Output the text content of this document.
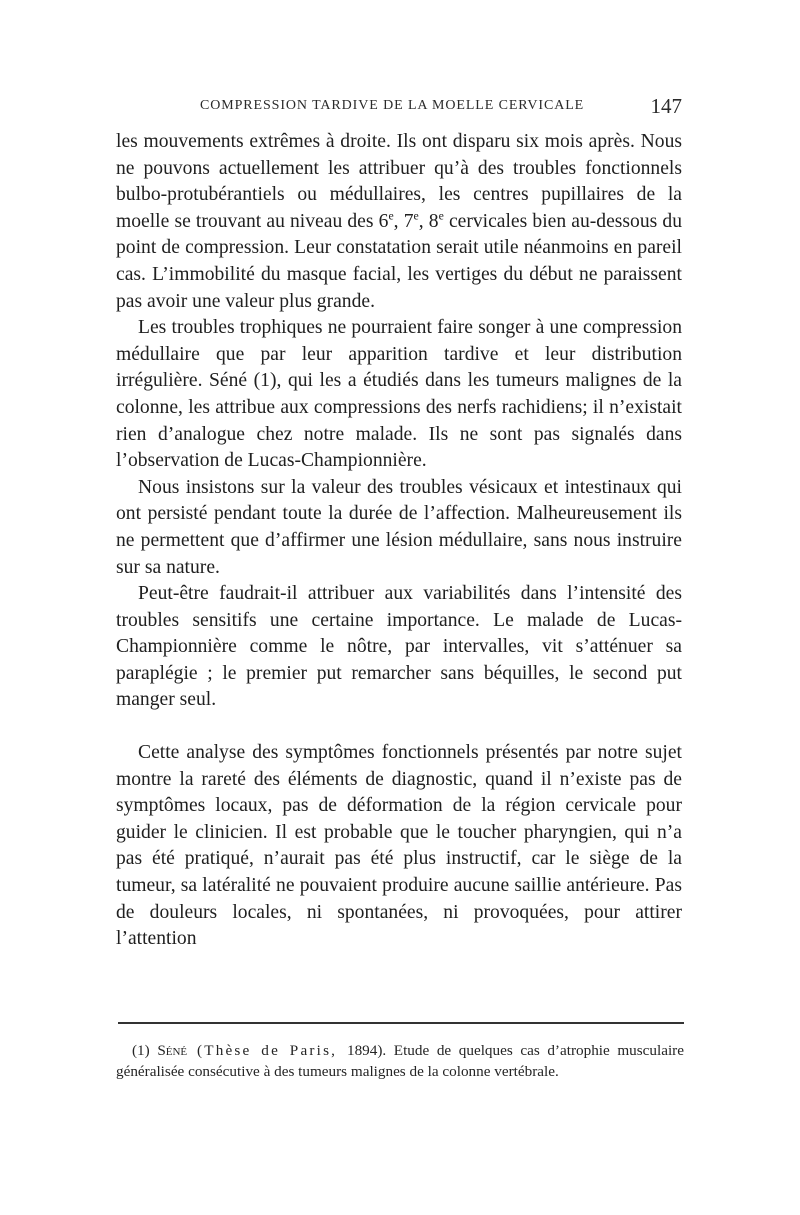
COMPRESSION TARDIVE DE LA MOELLE CERVICALE	147

les mouvements extrêmes à droite. Ils ont disparu six mois après. Nous ne pouvons actuellement les attribuer qu’à des troubles fonctionnels bulbo-protubérantiels ou médullaires, les centres pupillaires de la moelle se trouvant au niveau des 6e, 7e, 8e cervicales bien au-dessous du point de compression. Leur constatation serait utile néanmoins en pareil cas. L’immobilité du masque facial, les vertiges du début ne paraissent pas avoir une valeur plus grande.

Les troubles trophiques ne pourraient faire songer à une compression médullaire que par leur apparition tardive et leur distribution irrégulière. Séné (1), qui les a étudiés dans les tumeurs malignes de la colonne, les attribue aux compressions des nerfs rachidiens; il n’existait rien d’analogue chez notre malade. Ils ne sont pas signalés dans l’observation de Lucas-Championnière.

Nous insistons sur la valeur des troubles vésicaux et intestinaux qui ont persisté pendant toute la durée de l’affection. Malheureusement ils ne permettent que d’affirmer une lésion médullaire, sans nous instruire sur sa nature.

Peut-être faudrait-il attribuer aux variabilités dans l’intensité des troubles sensitifs une certaine importance. Le malade de Lucas-Championnière comme le nôtre, par intervalles, vit s’atténuer sa paraplégie ; le premier put remarcher sans béquilles, le second put manger seul.

Cette analyse des symptômes fonctionnels présentés par notre sujet montre la rareté des éléments de diagnostic, quand il n’existe pas de symptômes locaux, pas de déformation de la région cervicale pour guider le clinicien. Il est probable que le toucher pharyngien, qui n’a pas été pratiqué, n’aurait pas été plus instructif, car le siège de la tumeur, sa latéralité ne pouvaient produire aucune saillie antérieure. Pas de douleurs locales, ni spontanées, ni provoquées, pour attirer l’attention

(1) Séné (Thèse de Paris, 1894). Etude de quelques cas d’atrophie musculaire généralisée consécutive à des tumeurs malignes de la colonne vertébrale.
